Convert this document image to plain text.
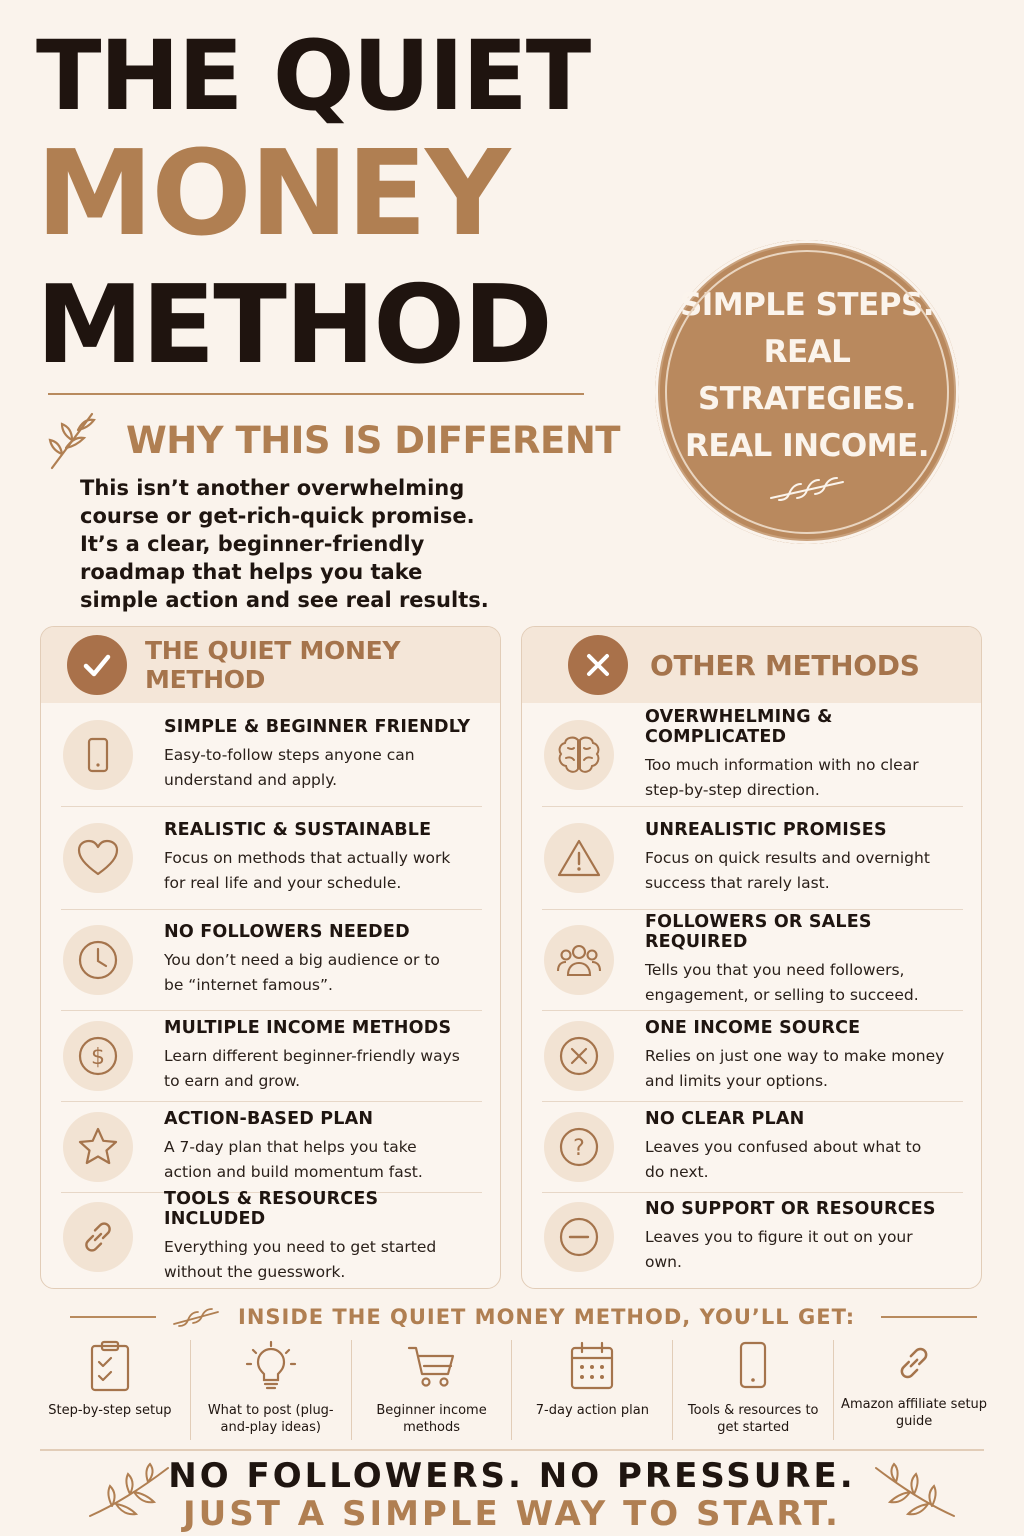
THE QUIET
MONEY
METHOD	SIMPLE STEPS.
REAL STRATEGIES.
REAL INCOME.
WHY THIS IS DIFFERENT

This isn’t another overwhelming course or get-rich-quick promise. It’s a clear, beginner-friendly roadmap that helps you take simple action and see real results.

THE QUIET MONEY METHOD
SIMPLE & BEGINNER FRIENDLY
Easy-to-follow steps anyone can understand and apply.
REALISTIC & SUSTAINABLE
Focus on methods that actually work for real life and your schedule.
NO FOLLOWERS NEEDED
You don’t need a big audience or to be “internet famous”.
$
MULTIPLE INCOME METHODS
Learn different beginner-friendly ways to earn and grow.
ACTION-BASED PLAN
A 7-day plan that helps you take action and build momentum fast.
TOOLS & RESOURCES INCLUDED
Everything you need to get started without the guesswork.
OTHER METHODS
OVERWHELMING & COMPLICATED
Too much information with no clear step-by-step direction.
UNREALISTIC PROMISES
Focus on quick results and overnight success that rarely last.
FOLLOWERS OR SALES REQUIRED
Tells you that you need followers, engagement, or selling to succeed.
ONE INCOME SOURCE
Relies on just one way to make money and limits your options.
?
NO CLEAR PLAN
Leaves you confused about what to do next.
NO SUPPORT OR RESOURCES
Leaves you to figure it out on your own.
INSIDE THE QUIET MONEY METHOD, YOU’LL GET:
Step-by-step setup	What to post (plug-and-play ideas)
Beginner income methods
7-day action plan	Tools & resources to get started
Amazon affiliate setup guide
NO FOLLOWERS. NO PRESSURE.
JUST A SIMPLE WAY TO START.
